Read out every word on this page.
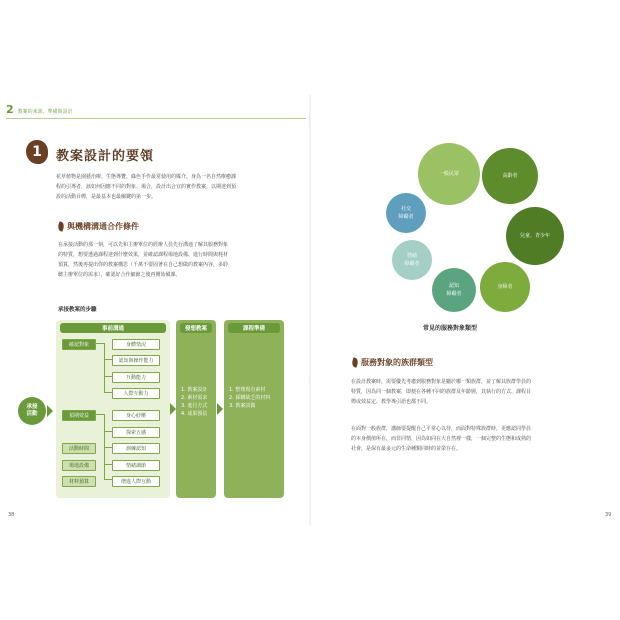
2 教案的來源、準備與設計
1	教案設計的要領

花草植物是園藝治療、生態導覽、綠色手作最常使用的媒介。身為一名自然療癒課

程的引導者，該如何因應不同的對象、場合，設計出合宜的實作教案，以期達到預

設的活動目標，是最基本也最關鍵的第一步。

與機構溝通合作條件

在承接活動的那一刻，可以先和主辦單位的經辦人員先行溝通了解其服務對象

的特質，想要透過課程達到什麼效果，並確認課程場地設備、進行時間與耗材

預算，然後再提出你的教案構思（千萬不要固著在自己想做的教案內容，多聆

聽主辦單位的需求），確認好合作細節之後再開始備課。

承接教案的步驟
承接
活動
事前溝通
確認對象
預期效益
活動時間
場地設備
材料預算
身體情況
認知與操作能力
互動能力
人際互動力
身心紓壓
探索五感
訓練認知
情緒調節
增進人際互動
發想教案
1. 教案設計
2. 素材需求
3. 進行方式
4. 成果預估
課程準備
1. 整理現有素材
2. 採購缺乏的材料
3. 教案試做
38
一般民眾	高齡者
兒童、青少年
身障者
認知
障礙者
情緒
障礙者
社交
障礙者
常見的服務對象類型
服務對象的族群類型

在設計教案時，需要優先考慮到服務對象是屬於哪一類族群，並了解其族群學員的

特質，因為同一個教案，即便在各種不同的族群及年齡層，其執行的方式、課程目

標或效益定、教學導引語也都不同。

在面對一般族群，講師要提醒自己平常心以待，而面對特殊族群時，更應認同學員

的本身價值所在，而非同情，因為如同在大自然裡一樣，一個完整的生態和成熟的

社會，是保有最多元的生命種類同時的並榮存在。

39
